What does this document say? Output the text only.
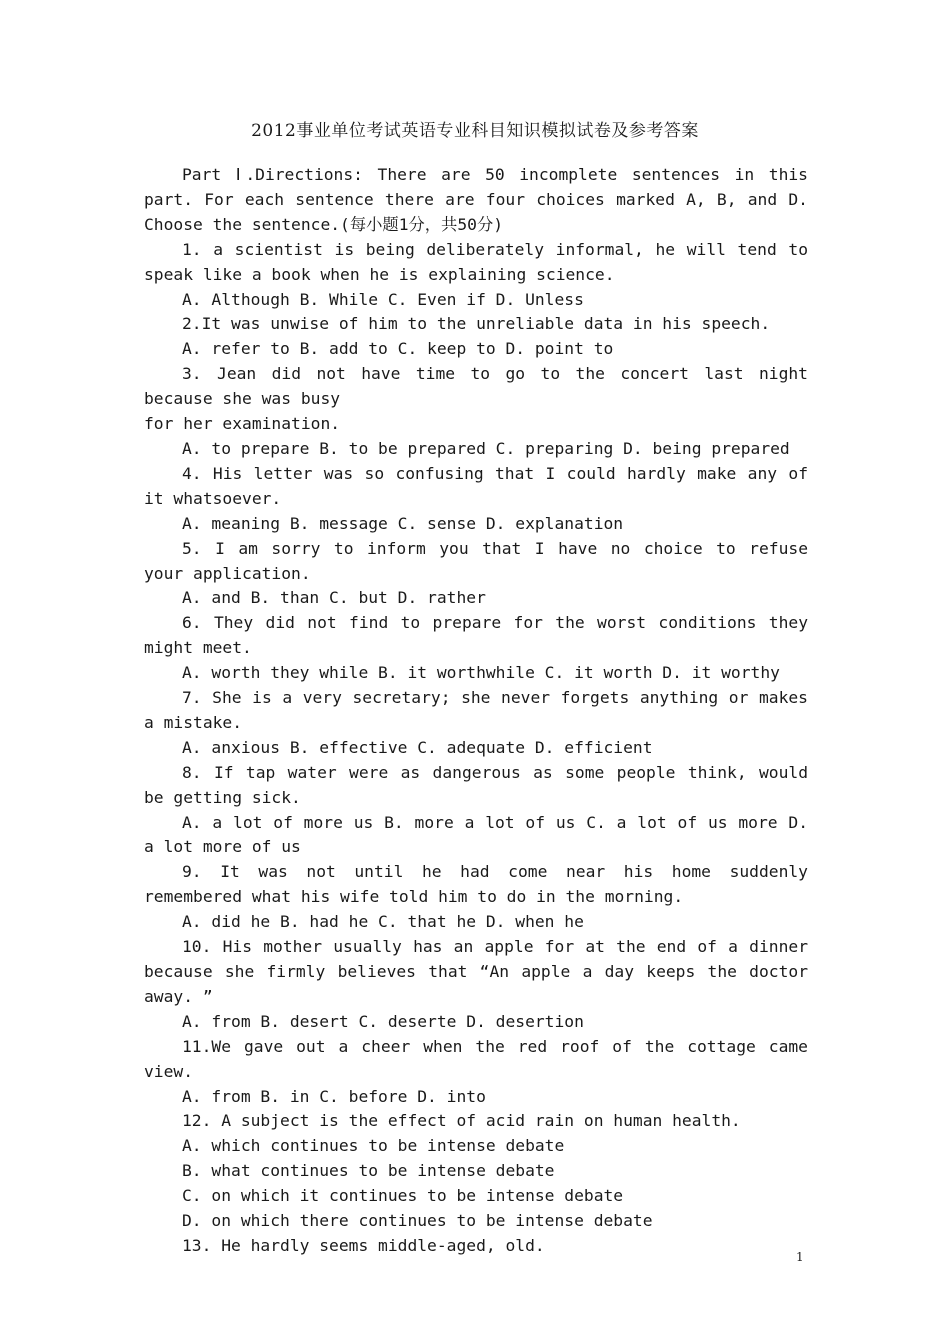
2012事业单位考试英语专业科目知识模拟试卷及参考答案

Part Ⅰ.Directions: There are 50 incomplete sentences in this part. For each sentence there are four choices marked A, B, and D. Choose the sentence.(每小题1分，共50分)

1. a scientist is being deliberately informal, he will tend to speak like a book when he is explaining science.

A. Although B. While C. Even if D. Unless

2.It was unwise of him to the unreliable data in his speech.

A. refer to B. add to C. keep to D. point to

3. Jean did not have time to go to the concert last night because she was busy

for her examination.

A. to prepare B. to be prepared C. preparing D. being prepared

4. His letter was so confusing that I could hardly make any of it whatsoever.

A. meaning B. message C. sense D. explanation

5. I am sorry to inform you that I have no choice to refuse your application.

A. and B. than C. but D. rather

6. They did not find to prepare for the worst conditions they might meet.

A. worth they while B. it worthwhile C. it worth D. it worthy

7. She is a very secretary; she never forgets anything or makes a mistake.

A. anxious B. effective C. adequate D. efficient

8. If tap water were as dangerous as some people think, would be getting sick.

A. a lot of more us B. more a lot of us C. a lot of us more D. a lot more of us

9. It was not until he had come near his home suddenly remembered what his wife told him to do in the morning.

A. did he B. had he C. that he D. when he

10. His mother usually has an apple for at the end of a dinner because she firmly believes that “An apple a day keeps the doctor away. ”

A. from B. desert C. deserte D. desertion

11.We gave out a cheer when the red roof of the cottage came view.

A. from B. in C. before D. into

12. A subject is the effect of acid rain on human health.

A. which continues to be intense debate

B. what continues to be intense debate

C. on which it continues to be intense debate

D. on which there continues to be intense debate

13. He hardly seems middle-aged, old.

1
